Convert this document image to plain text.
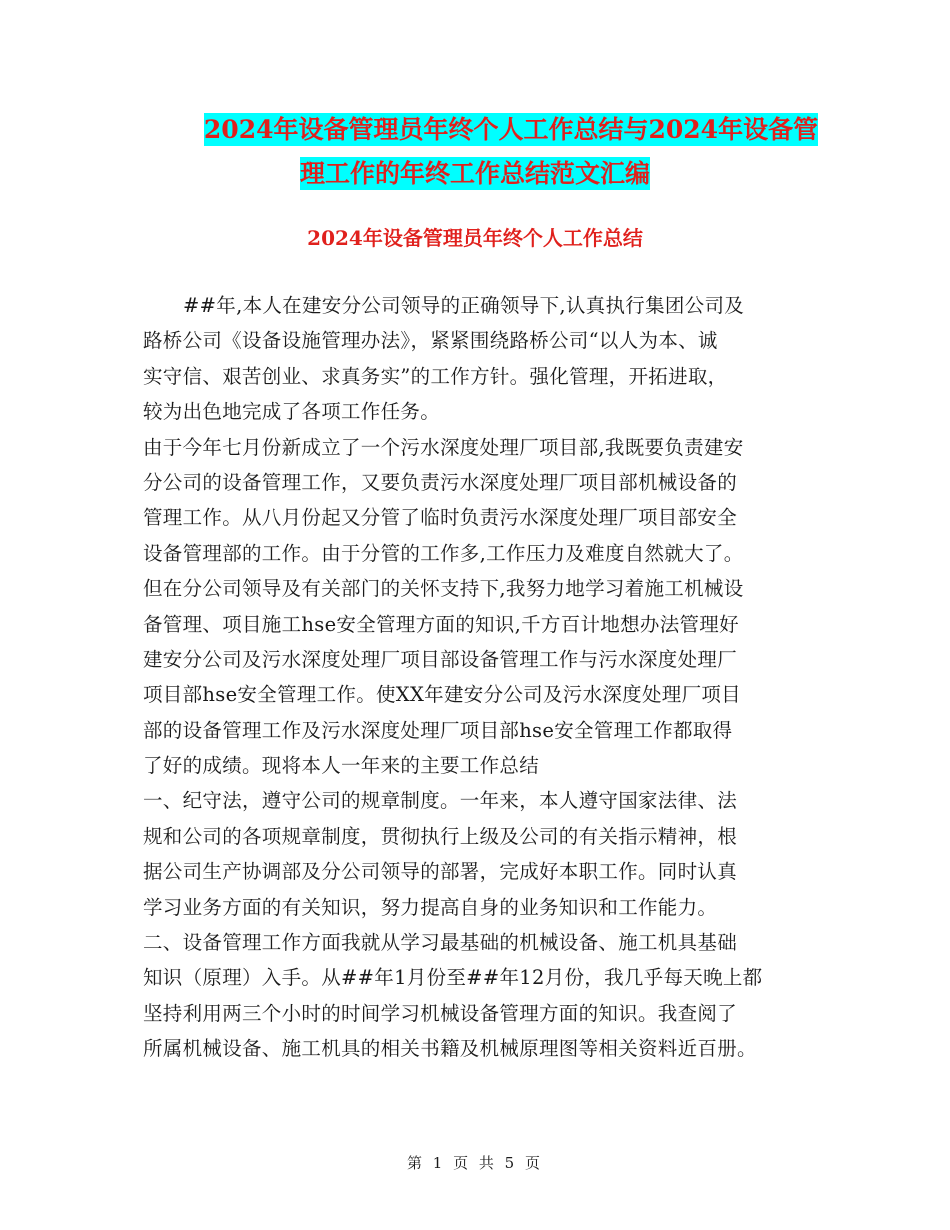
2024年设备管理员年终个人工作总结与2024年设备管
理工作的年终工作总结范文汇编
2024年设备管理员年终个人工作总结
##年,本人在建安分公司领导的正确领导下,认真执行集团公司及
路桥公司《设备设施管理办法》，紧紧围绕路桥公司“以人为本、诚
实守信、艰苦创业、求真务实”的工作方针。强化管理，开拓进取，
较为出色地完成了各项工作任务。
由于今年七月份新成立了一个污水深度处理厂项目部,我既要负责建安
分公司的设备管理工作，又要负责污水深度处理厂项目部机械设备的
管理工作。从八月份起又分管了临时负责污水深度处理厂项目部安全
设备管理部的工作。由于分管的工作多,工作压力及难度自然就大了。
但在分公司领导及有关部门的关怀支持下,我努力地学习着施工机械设
备管理、项目施工hse安全管理方面的知识,千方百计地想办法管理好
建安分公司及污水深度处理厂项目部设备管理工作与污水深度处理厂
项目部hse安全管理工作。使XX年建安分公司及污水深度处理厂项目
部的设备管理工作及污水深度处理厂项目部hse安全管理工作都取得
了好的成绩。现将本人一年来的主要工作总结
一、纪守法，遵守公司的规章制度。一年来，本人遵守国家法律、法
规和公司的各项规章制度，贯彻执行上级及公司的有关指示精神，根
据公司生产协调部及分公司领导的部署，完成好本职工作。同时认真
学习业务方面的有关知识，努力提高自身的业务知识和工作能力。
二、设备管理工作方面我就从学习最基础的机械设备、施工机具基础
知识（原理）入手。从##年1月份至##年12月份，我几乎每天晚上都
坚持利用两三个小时的时间学习机械设备管理方面的知识。我查阅了
所属机械设备、施工机具的相关书籍及机械原理图等相关资料近百册。
第 1 页 共 5 页
